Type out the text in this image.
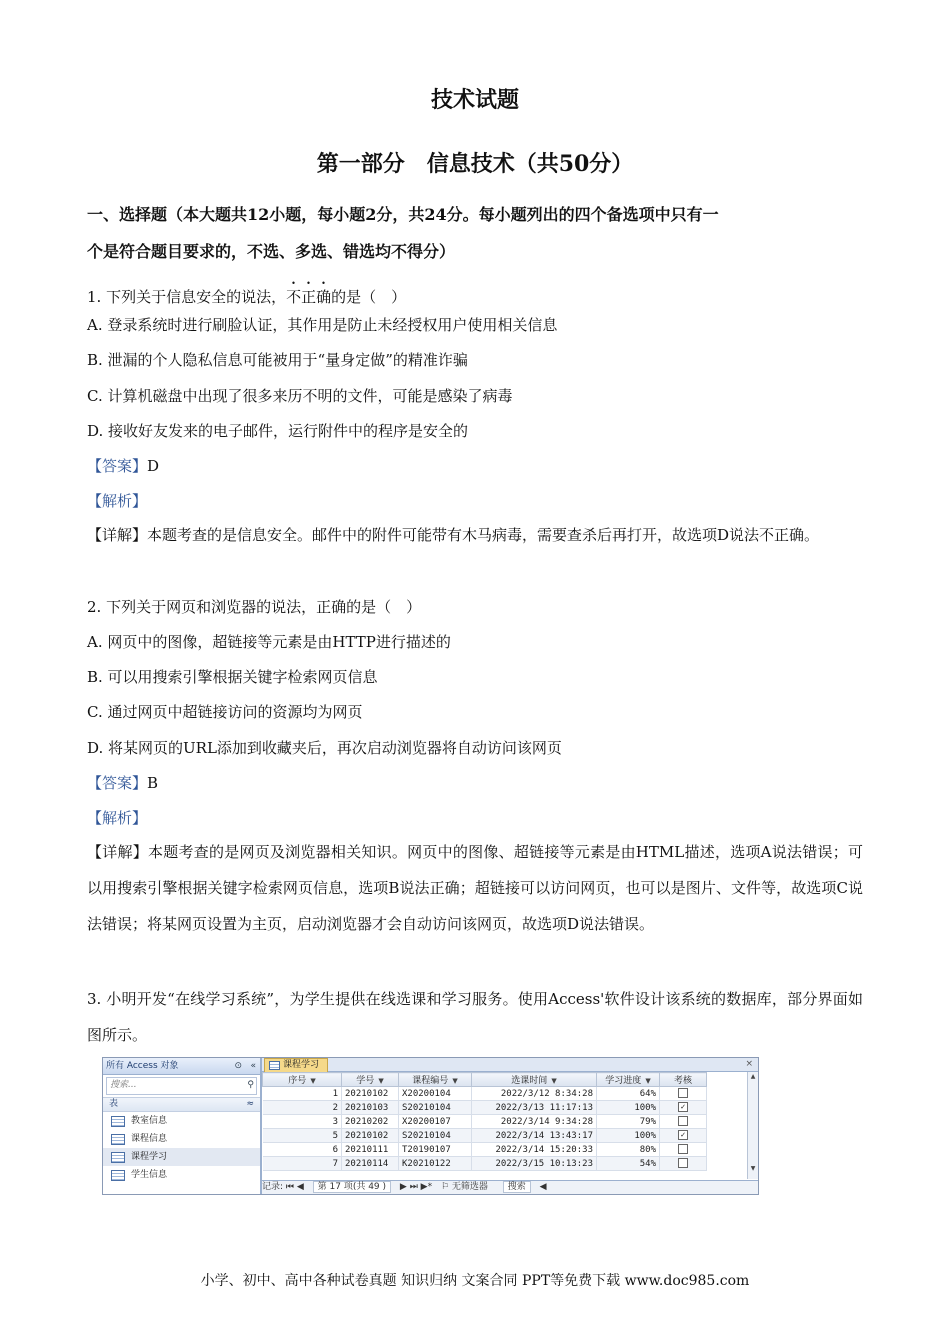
技术试题
第一部分　信息技术（共50分）
一、选择题（本大题共12小题，每小题2分，共24分。每小题列出的四个备选项中只有一
个是符合题目要求的，不选、多选、错选均不得分）
1. 下列关于信息安全的说法，不正确的是（　）
A. 登录系统时进行刷脸认证，其作用是防止未经授权用户使用相关信息
B. 泄漏的个人隐私信息可能被用于“量身定做”的精准诈骗
C. 计算机磁盘中出现了很多来历不明的文件，可能是感染了病毒
D. 接收好友发来的电子邮件，运行附件中的程序是安全的
【答案】D
【解析】
【详解】本题考查的是信息安全。邮件中的附件可能带有木马病毒，需要查杀后再打开，故选项D说法不正确。
2. 下列关于网页和浏览器的说法，正确的是（　）
A. 网页中的图像，超链接等元素是由HTTP进行描述的
B. 可以用搜索引擎根据关键字检索网页信息
C. 通过网页中超链接访问的资源均为网页
D. 将某网页的URL添加到收藏夹后，再次启动浏览器将自动访问该网页
【答案】B
【解析】
【详解】本题考查的是网页及浏览器相关知识。网页中的图像、超链接等元素是由HTML描述，选项A说法错误；可以用搜索引擎根据关键字检索网页信息，选项B说法正确；超链接可以访问网页，也可以是图片、文件等，故选项C说法错误；将某网页设置为主页，启动浏览器才会自动访问该网页，故选项D说法错误。
3. 小明开发“在线学习系统”，为学生提供在线选课和学习服务。使用Access'软件设计该系统的数据库，部分界面如图所示。
所有 Access 对象	⊙ «
搜索...	⚲
表	≈
教室信息
课程信息
课程学习
学生信息
课程学习	×
序号 ▼	学号 ▼	课程编号 ▼	选课时间 ▼	学习进度 ▼	考核
1	20210102	X20200104	2022/3/12 8:34:28	64%	
2	20210103	S20210104	2022/3/13 11:17:13	100%	✓
3	20210202	X20200107	2022/3/14 9:34:28	79%	
5	20210102	S20210104	2022/3/14 13:43:17	100%	✓
6	20210111	T20190107	2022/3/14 15:20:33	80%	
7	20210114	K20210122	2022/3/15 10:13:23	54%	
▲
▼
记录: ⏮ ◀ 第 17 项(共 49 ) ▶ ⏭ ▶* ⚐ 无筛选器 搜索 ◀
小学、初中、高中各种试卷真题 知识归纳 文案合同 PPT等免费下载 www.doc985.com
